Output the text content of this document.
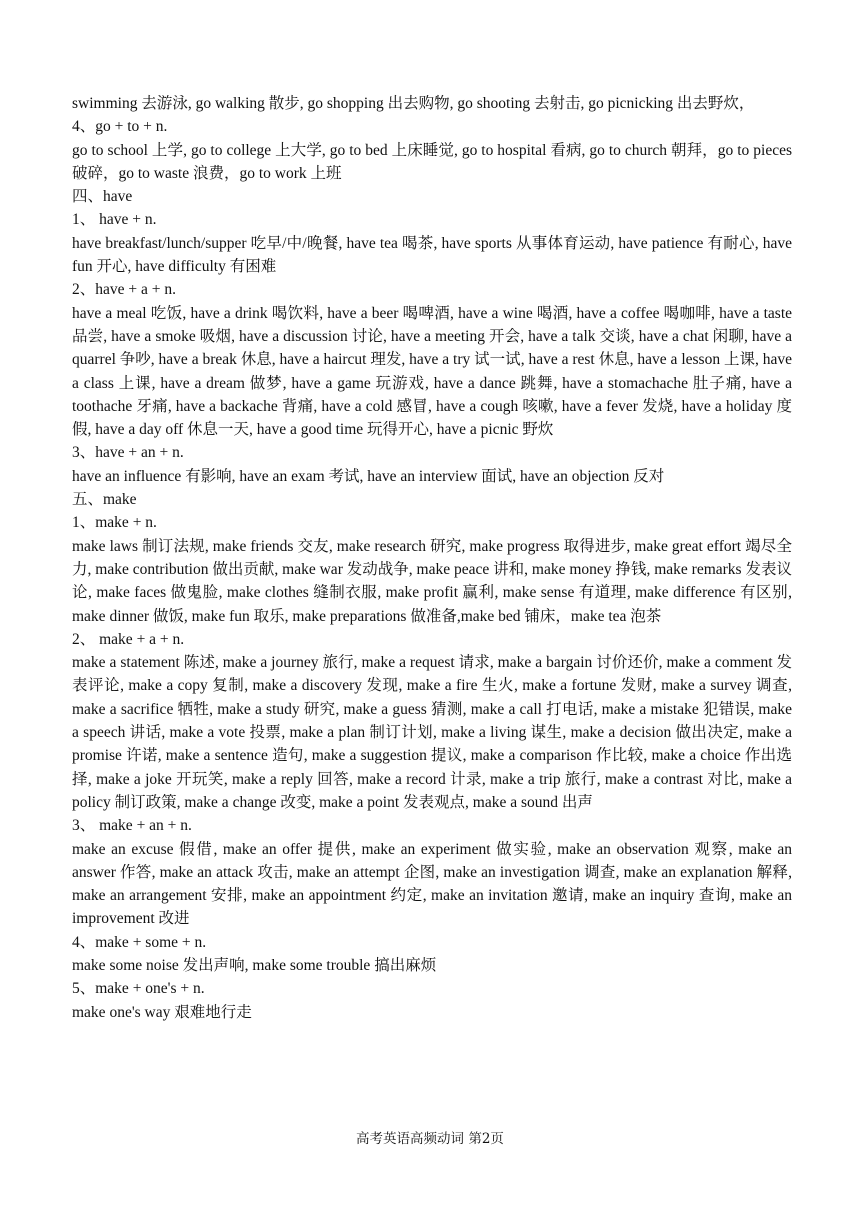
swimming 去游泳, go walking 散步, go shopping 出去购物, go shooting 去射击, go picnicking 出去野炊，
4、go + to + n.
go to school 上学, go to college 上大学, go to bed 上床睡觉, go to hospital 看病, go to church 朝拜，go to pieces 破碎，go to waste 浪费，go to work 上班
四、have
1、 have + n.
have breakfast/lunch/supper 吃早/中/晚餐, have tea 喝茶, have sports 从事体育运动, have patience 有耐心, have fun 开心, have difficulty 有困难
2、have + a + n.
have a meal 吃饭, have a drink 喝饮料, have a beer 喝啤酒, have a wine 喝酒, have a coffee 喝咖啡, have a taste 品尝, have a smoke 吸烟, have a discussion 讨论, have a meeting 开会, have a talk 交谈, have a chat 闲聊, have a quarrel 争吵, have a break 休息, have a haircut 理发, have a try 试一试, have a rest 休息, have a lesson 上课, have a class 上课, have a dream 做梦, have a game 玩游戏, have a dance 跳舞, have a stomachache 肚子痛, have a toothache 牙痛, have a backache 背痛, have a cold 感冒, have a cough 咳嗽, have a fever 发烧, have a holiday 度假, have a day off 休息一天, have a good time 玩得开心, have a picnic 野炊
3、have + an + n.
have an influence 有影响, have an exam 考试, have an interview 面试, have an objection 反对
五、make
1、make + n.
make laws 制订法规, make friends 交友, make research 研究, make progress 取得进步, make great effort 竭尽全力, make contribution 做出贡献, make war 发动战争, make peace 讲和, make money 挣钱, make remarks 发表议论, make faces 做鬼脸, make clothes 缝制衣服, make profit 赢利, make sense 有道理, make difference 有区别, make dinner 做饭, make fun 取乐, make preparations 做准备,make bed 铺床，make tea 泡茶
2、 make + a + n.
make a statement 陈述, make a journey 旅行, make a request 请求, make a bargain 讨价还价, make a comment 发表评论, make a copy 复制, make a discovery 发现, make a fire 生火, make a fortune 发财, make a survey 调查, make a sacrifice 牺牲, make a study 研究, make a guess 猜测, make a call 打电话, make a mistake 犯错误, make a speech 讲话, make a vote 投票, make a plan 制订计划, make a living 谋生, make a decision 做出决定, make a promise 许诺, make a sentence 造句, make a suggestion 提议, make a comparison 作比较, make a choice 作出选择, make a joke 开玩笑, make a reply 回答, make a record 计录, make a trip 旅行, make a contrast 对比, make a policy 制订政策, make a change 改变, make a point 发表观点, make a sound 出声
3、 make + an + n.
make an excuse 假借, make an offer 提供, make an experiment 做实验, make an observation 观察, make an answer 作答, make an attack 攻击, make an attempt 企图, make an investigation 调查, make an explanation 解释, make an arrangement 安排, make an appointment 约定, make an invitation 邀请, make an inquiry 查询, make an improvement 改进
4、make + some + n.
make some noise 发出声响, make some trouble 搞出麻烦
5、make + one's + n.
make one's way 艰难地行走
高考英语高频动词 第2页
